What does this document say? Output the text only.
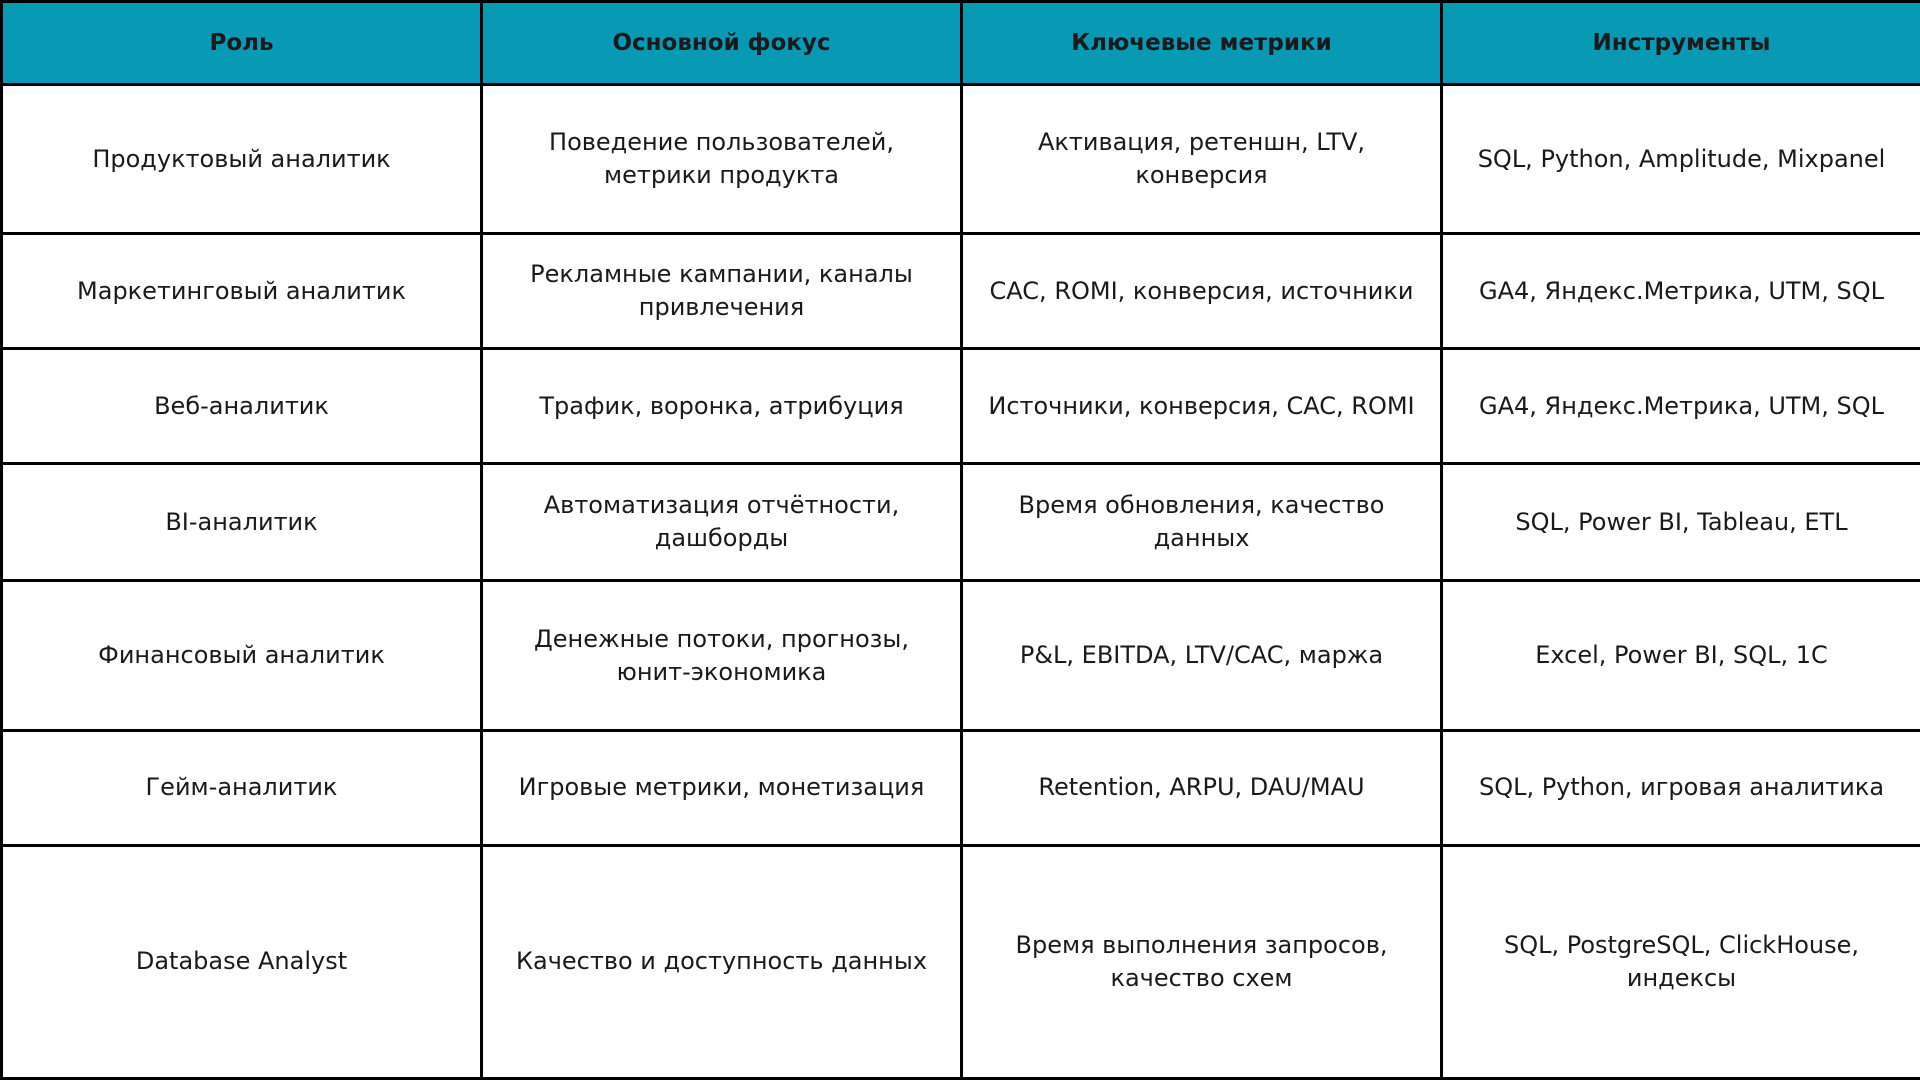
Роль	Основной фокус	Ключевые метрики	Инструменты
Продуктовый аналитик	Поведение пользователей, метрики продукта	Активация, ретеншн, LTV, конверсия	SQL, Python, Amplitude, Mixpanel
Маркетинговый аналитик	Рекламные кампании, каналы привлечения	CAC, ROMI, конверсия, источники	GA4, Яндекс.Метрика, UTM, SQL
Веб-аналитик	Трафик, воронка, атрибуция	Источники, конверсия, CAC, ROMI	GA4, Яндекс.Метрика, UTM, SQL
BI-аналитик	Автоматизация отчётности, дашборды	Время обновления, качество данных	SQL, Power BI, Tableau, ETL
Финансовый аналитик	Денежные потоки, прогнозы, юнит-экономика	P&L, EBITDA, LTV/CAC, маржа	Excel, Power BI, SQL, 1С
Гейм-аналитик	Игровые метрики, монетизация	Retention, ARPU, DAU/MAU	SQL, Python, игровая аналитика
Database Analyst	Качество и доступность данных	Время выполнения запросов, качество схем	SQL, PostgreSQL, ClickHouse, индексы
